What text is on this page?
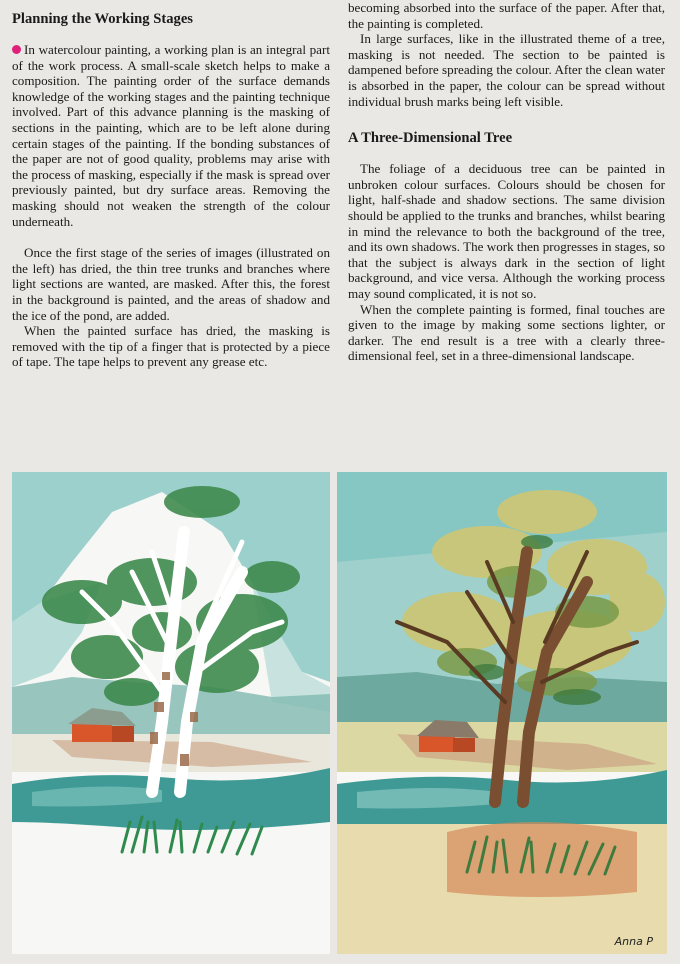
Planning the Working Stages

In watercolour painting, a working plan is an integral part of the work process. A small-scale sketch helps to make a composition. The painting order of the surface demands knowledge of the working stages and the painting technique involved. Part of this advance planning is the masking of sections in the painting, which are to be left alone during certain stages of the painting. If the bonding substances of the paper are not of good quality, problems may arise with the process of masking, especially if the mask is spread over previously painted, but dry surface areas. Removing the masking should not weaken the strength of the colour underneath.

Once the first stage of the series of images (illustrated on the left) has dried, the thin tree trunks and branches where light sections are wanted, are masked. After this, the forest in the background is painted, and the areas of shadow and the ice of the pond, are added.

When the painted surface has dried, the masking is removed with the tip of a finger that is protected by a piece of tape. The tape helps to prevent any grease etc.

becoming absorbed into the surface of the paper. After that, the painting is completed.

In large surfaces, like in the illustrated theme of a tree, masking is not needed. The section to be painted is dampened before spreading the colour. After the clean water is absorbed in the paper, the colour can be spread without individual brush marks being left visible.

A Three-Dimensional Tree

The foliage of a deciduous tree can be painted in unbroken colour surfaces. Colours should be chosen for light, half-shade and shadow sections. The same division should be applied to the trunks and branches, whilst bearing in mind the relevance to both the background of the tree, and its own shadows. The work then progresses in stages, so that the subject is always dark in the section of light background, and vice versa. Although the working process may sound complicated, it is not so.

When the complete painting is formed, final touches are given to the image by making some sections lighter, or darker. The end result is a tree with a clearly three-dimensional feel, set in a three-dimensional landscape.

Anna P
